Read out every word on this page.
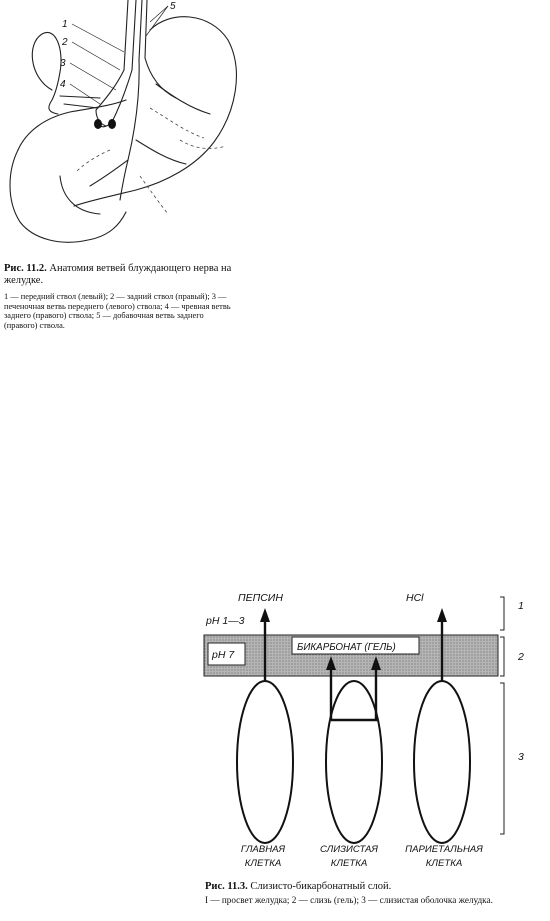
1
2
3
4
5
Рис. 11.2. Анатомия ветвей блуждающего нерва на желудке.
1 — передний ствол (левый); 2 — задний ствол (правый); 3 — печеночная ветвь переднего (левого) ствола; 4 — чревная ветвь заднего (правого) ствола; 5 — добавочная ветвь заднего (правого) ствола.
ПЕПСИН	HCl
pH 1—3
pH 7
БИКАРБОНАТ (ГЕЛЬ)
1
2
3
ГЛАВНАЯ
КЛЕТКА
СЛИЗИСТАЯ
КЛЕТКА
ПАРИЕТАЛЬНАЯ
КЛЕТКА
Рис. 11.3. Слизисто-бикарбонатный слой.
I — просвет желудка; 2 — слизь (гель); 3 — слизистая оболочка желудка.
